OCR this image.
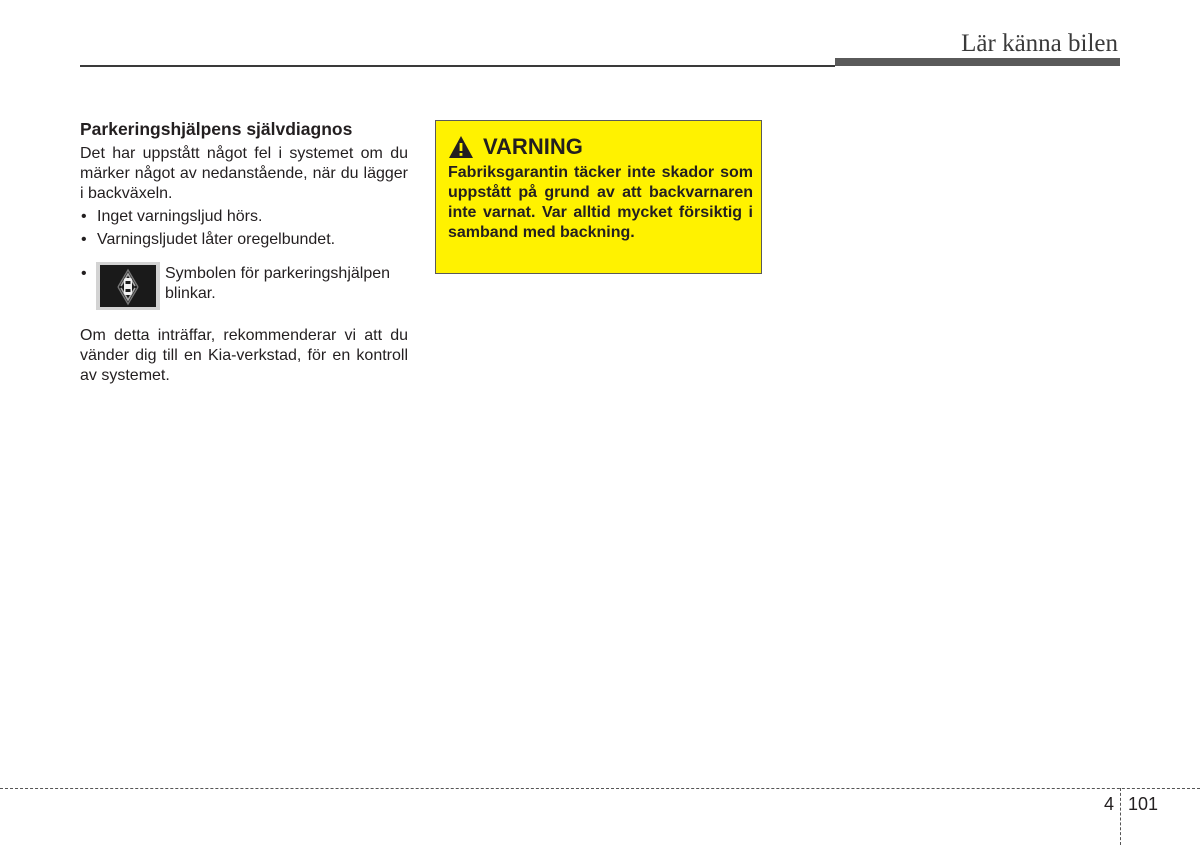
Lär känna bilen
Parkeringshjälpens självdiagnos

Det har uppstått något fel i systemet om du märker något av nedanstående, när du lägger i backväxeln.

• Inget varningsljud hörs.
• Varningsljudet låter oregelbundet.
•	Symbolen för parkeringshjälpen blinkar.

Om detta inträffar, rekommenderar vi att du vänder dig till en Kia-verkstad, för en kontroll av systemet.

VARNING

Fabriksgarantin täcker inte skador som uppstått på grund av att backvarnaren inte varnat. Var alltid mycket försiktig i samband med backning.

4 101
